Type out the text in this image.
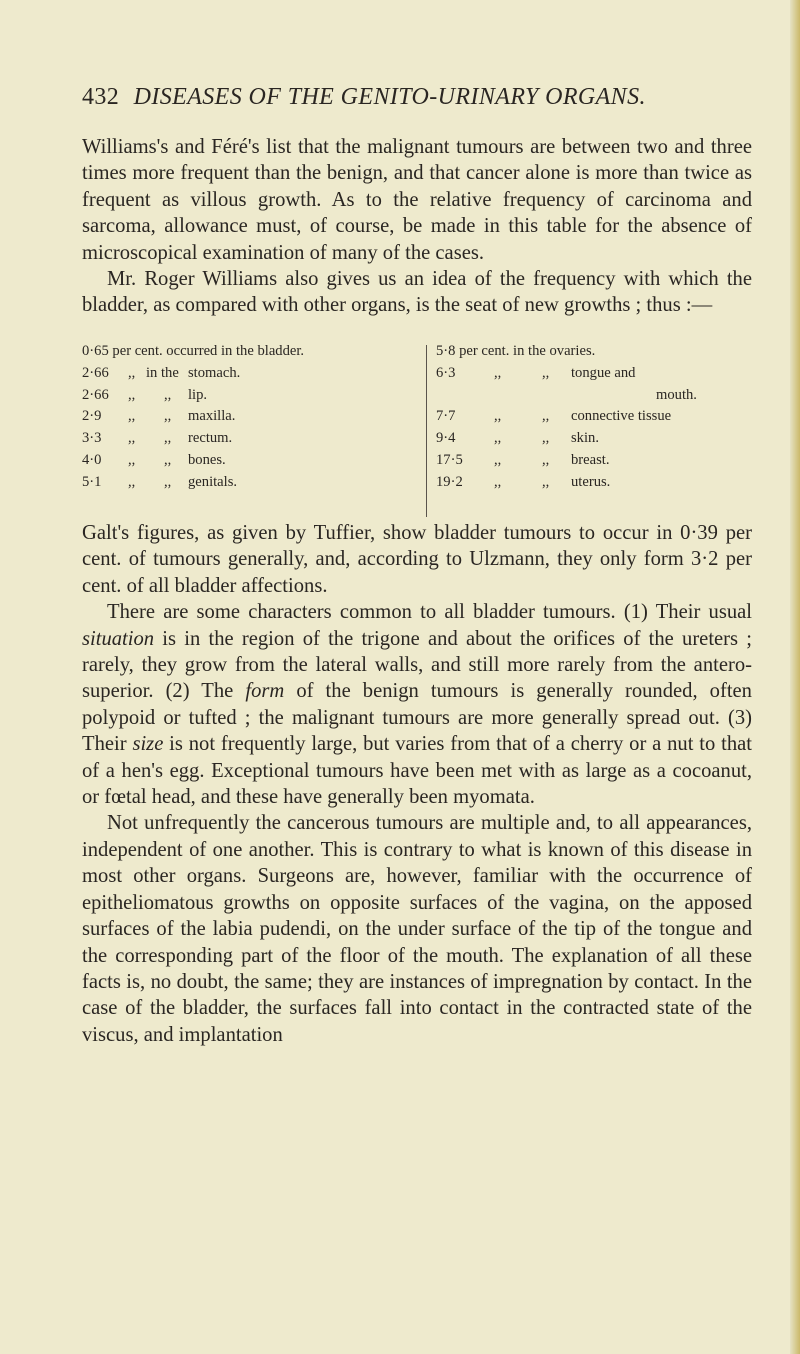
432 DISEASES OF THE GENITO-URINARY ORGANS.

Williams's and Féré's list that the malignant tumours are between two and three times more frequent than the benign, and that cancer alone is more than twice as frequent as villous growth. As to the relative frequency of carcinoma and sarcoma, allowance must, of course, be made in this table for the absence of microscopical examination of many of the cases.

Mr. Roger Williams also gives us an idea of the frequency with which the bladder, as compared with other organs, is the seat of new growths ; thus :—

0·65 per cent. occurred in the bladder.
2·66 ,, in the stomach.
2·66 ,, ,, lip.
2·9 ,, ,, maxilla.
3·3 ,, ,, rectum.
4·0 ,, ,, bones.
5·1 ,, ,, genitals.
5·8 per cent. in the ovaries.
6·3	,,	,, tongue and
mouth.
7·7	,,	,, connective tissue
9·4	,,	,, skin.
17·5 ,,	,, breast.
19·2 ,,	,, uterus.

Galt's figures, as given by Tuffier, show bladder tumours to occur in 0·39 per cent. of tumours generally, and, according to Ulzmann, they only form 3·2 per cent. of all bladder affections.

There are some characters common to all bladder tumours. (1) Their usual situation is in the region of the trigone and about the orifices of the ureters ; rarely, they grow from the lateral walls, and still more rarely from the antero-superior. (2) The form of the benign tumours is generally rounded, often polypoid or tufted ; the malignant tumours are more generally spread out. (3) Their size is not frequently large, but varies from that of a cherry or a nut to that of a hen's egg. Exceptional tumours have been met with as large as a cocoanut, or fœtal head, and these have generally been myomata.

Not unfrequently the cancerous tumours are multiple and, to all appearances, independent of one another. This is contrary to what is known of this disease in most other organs. Surgeons are, however, familiar with the occurrence of epitheliomatous growths on opposite surfaces of the vagina, on the apposed surfaces of the labia pudendi, on the under surface of the tip of the tongue and the corresponding part of the floor of the mouth. The explanation of all these facts is, no doubt, the same; they are instances of impregnation by contact. In the case of the bladder, the surfaces fall into contact in the contracted state of the viscus, and implantation
